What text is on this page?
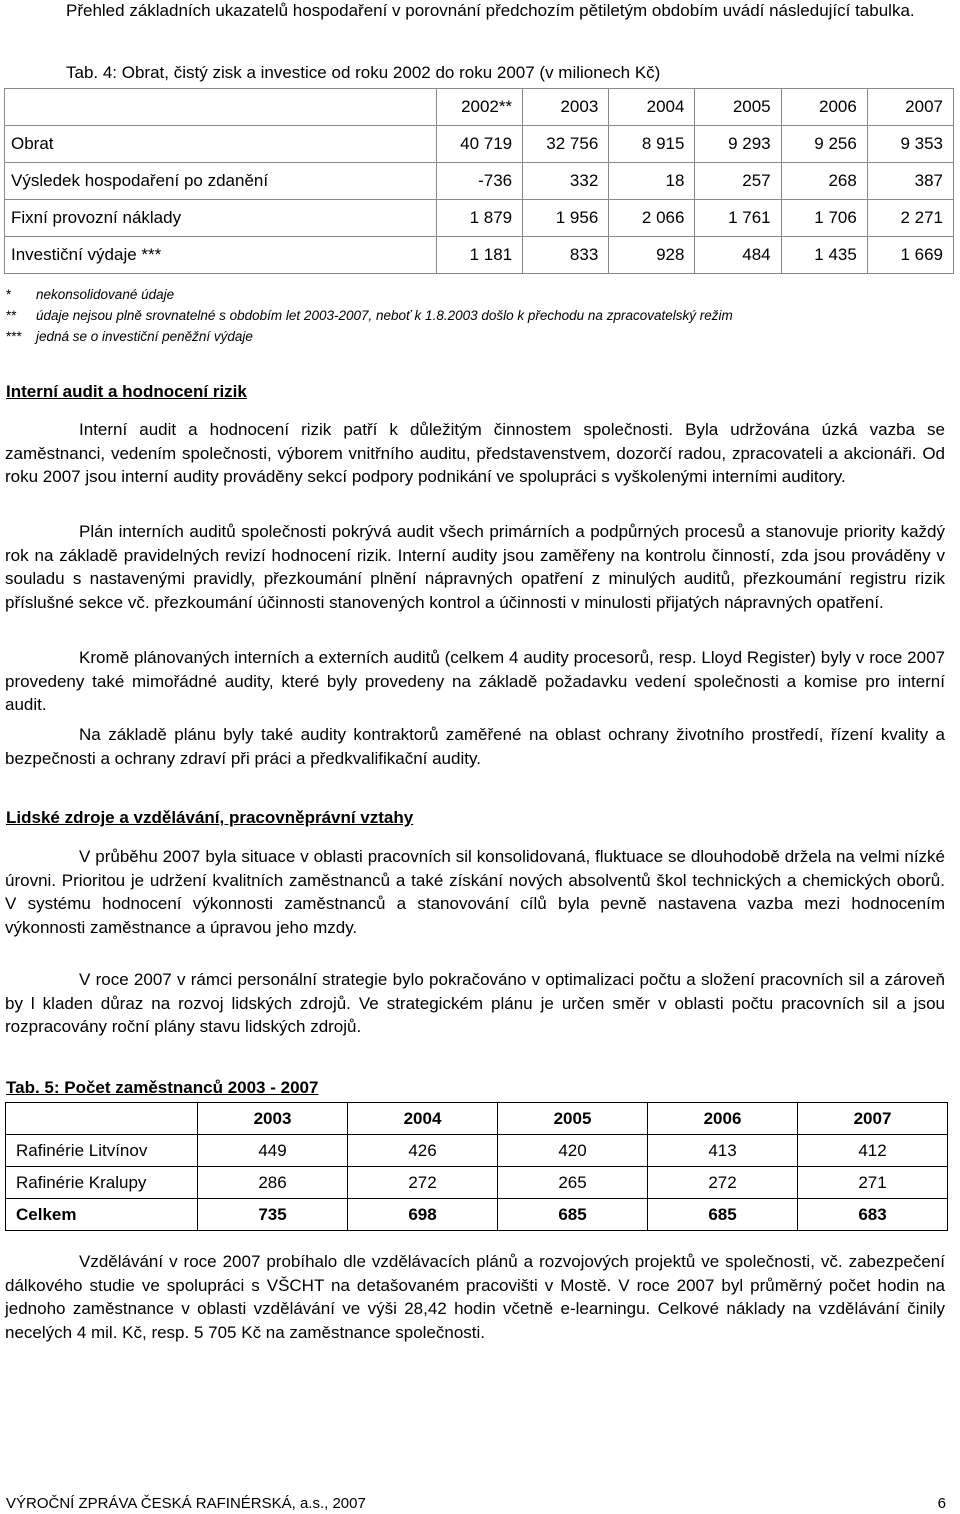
Přehled základních ukazatelů hospodaření v porovnání předchozím pětiletým obdobím uvádí následující tabulka.
Tab. 4: Obrat, čistý zisk a investice od roku 2002 do roku 2007 (v milionech Kč)
	2002**	2003	2004	2005	2006	2007
Obrat	40 719	32 756	8 915	9 293	9 256	9 353
Výsledek hospodaření po zdanění	-736	332	18	257	268	387
Fixní provozní náklady	1 879	1 956	2 066	1 761	1 706	2 271
Investiční výdaje ***	1 181	833	928	484	1 435	1 669
* nekonsolidované údaje
** údaje nejsou plně srovnatelné s obdobím let 2003-2007, neboť k 1.8.2003 došlo k přechodu na zpracovatelský režim
*** jedná se o investiční peněžní výdaje
Interní audit a hodnocení rizik
Interní audit a hodnocení rizik patří k důležitým činnostem společnosti. Byla udržována úzká vazba se zaměstnanci, vedením společnosti, výborem vnitřního auditu, představenstvem, dozorčí radou, zpracovateli a akcionáři. Od roku 2007 jsou interní audity prováděny sekcí podpory podnikání ve spolupráci s vyškolenými interními auditory.
Plán interních auditů společnosti pokrývá audit všech primárních a podpůrných procesů a stanovuje priority každý rok na základě pravidelných revizí hodnocení rizik. Interní audity jsou zaměřeny na kontrolu činností, zda jsou prováděny v souladu s nastavenými pravidly, přezkoumání plnění nápravných opatření z minulých auditů, přezkoumání registru rizik příslušné sekce vč. přezkoumání účinnosti stanovených kontrol a účinnosti v minulosti přijatých nápravných opatření.
Kromě plánovaných interních a externích auditů (celkem 4 audity procesorů, resp. Lloyd Register) byly v roce 2007 provedeny také mimořádné audity, které byly provedeny na základě požadavku vedení společnosti a komise pro interní audit.
Na základě plánu byly také audity kontraktorů zaměřené na oblast ochrany životního prostředí, řízení kvality a bezpečnosti a ochrany zdraví při práci a předkvalifikační audity.
Lidské zdroje a vzdělávání, pracovněprávní vztahy
V průběhu 2007 byla situace v oblasti pracovních sil konsolidovaná, fluktuace se dlouhodobě držela na velmi nízké úrovni. Prioritou je udržení kvalitních zaměstnanců a také získání nových absolventů škol technických a chemických oborů. V systému hodnocení výkonnosti zaměstnanců a stanovování cílů byla pevně nastavena vazba mezi hodnocením výkonnosti zaměstnance a úpravou jeho mzdy.
V roce 2007 v rámci personální strategie bylo pokračováno v optimalizaci počtu a složení pracovních sil a zároveň by l kladen důraz na rozvoj lidských zdrojů. Ve strategickém plánu je určen směr v oblasti počtu pracovních sil a jsou rozpracovány roční plány stavu lidských zdrojů.
Tab. 5: Počet zaměstnanců 2003 - 2007
	2003	2004	2005	2006	2007
Rafinérie Litvínov	449	426	420	413	412
Rafinérie Kralupy	286	272	265	272	271
Celkem	735	698	685	685	683
Vzdělávání v roce 2007 probíhalo dle vzdělávacích plánů a rozvojových projektů ve společnosti, vč. zabezpečení dálkového studie ve spolupráci s VŠCHT na detašovaném pracovišti v Mostě. V roce 2007 byl průměrný počet hodin na jednoho zaměstnance v oblasti vzdělávání ve výši 28,42 hodin včetně e-learningu. Celkové náklady na vzdělávání činily necelých 4 mil. Kč, resp. 5 705 Kč na zaměstnance společnosti.
VÝROČNÍ ZPRÁVA ČESKÁ RAFINÉRSKÁ, a.s., 2007	6
